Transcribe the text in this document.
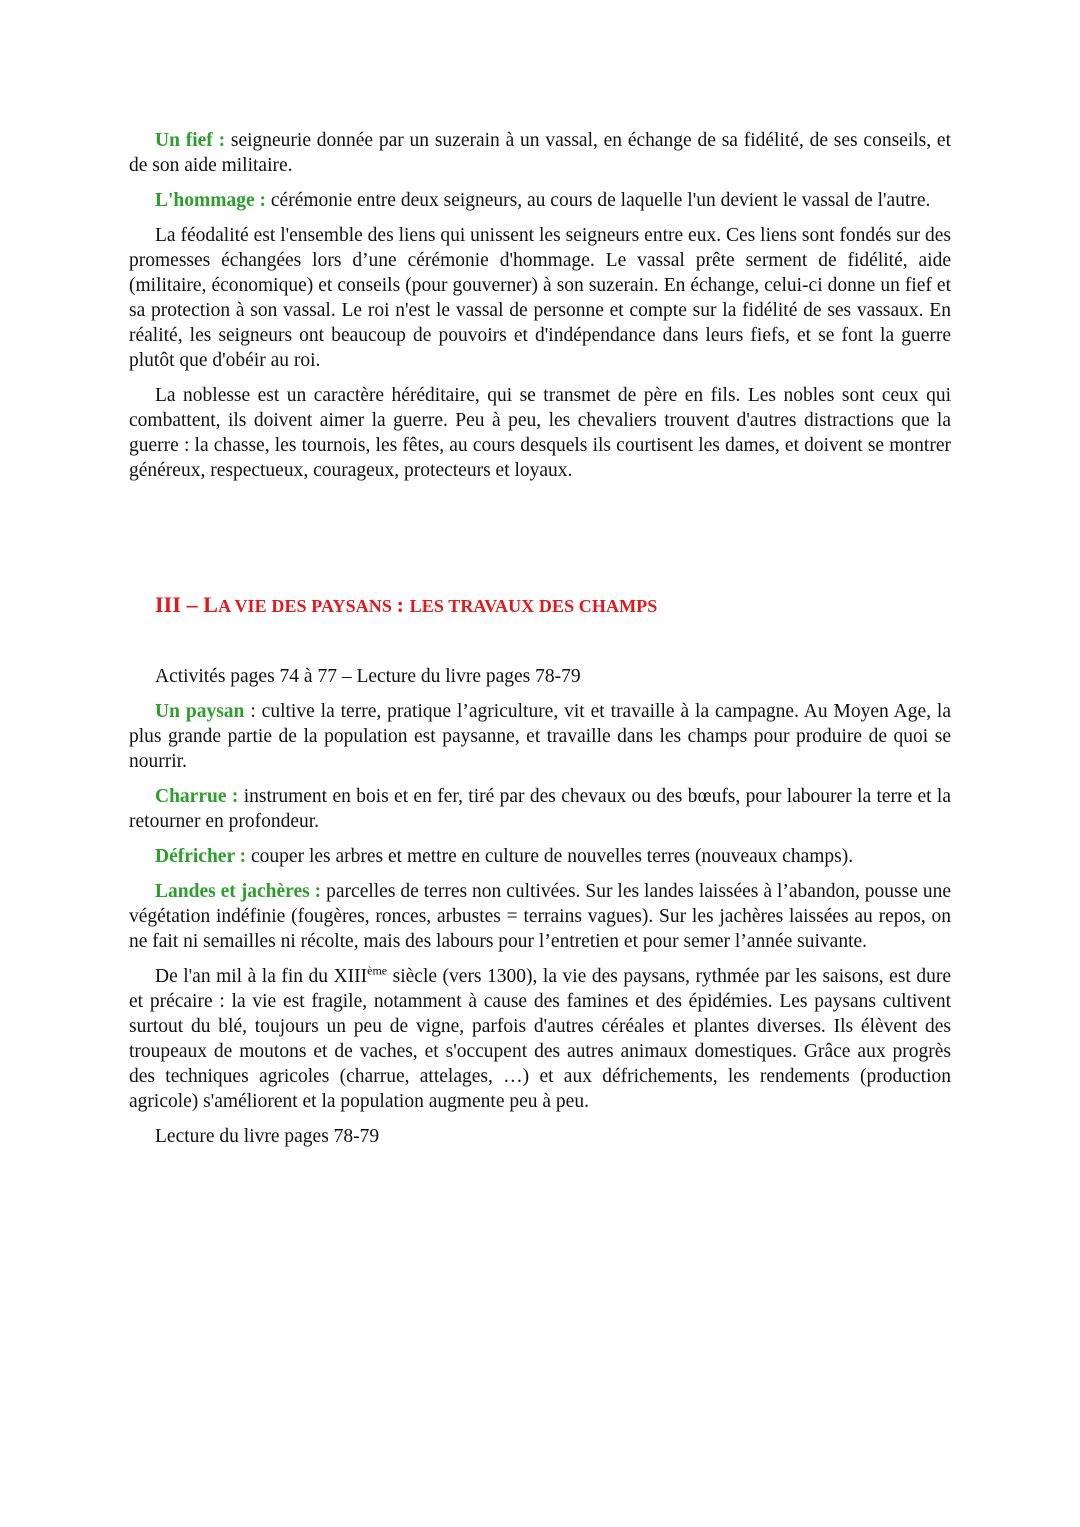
Un fief : seigneurie donnée par un suzerain à un vassal, en échange de sa fidélité, de ses conseils, et de son aide militaire.

L'hommage : cérémonie entre deux seigneurs, au cours de laquelle l'un devient le vassal de l'autre.

La féodalité est l'ensemble des liens qui unissent les seigneurs entre eux. Ces liens sont fondés sur des promesses échangées lors d’une cérémonie d'hommage. Le vassal prête serment de fidélité, aide (militaire, économique) et conseils (pour gouverner) à son suzerain. En échange, celui-ci donne un fief et sa protection à son vassal. Le roi n'est le vassal de personne et compte sur la fidélité de ses vassaux. En réalité, les seigneurs ont beaucoup de pouvoirs et d'indépendance dans leurs fiefs, et se font la guerre plutôt que d'obéir au roi.

La noblesse est un caractère héréditaire, qui se transmet de père en fils. Les nobles sont ceux qui combattent, ils doivent aimer la guerre. Peu à peu, les chevaliers trouvent d'autres distractions que la guerre : la chasse, les tournois, les fêtes, au cours desquels ils courtisent les dames, et doivent se montrer généreux, respectueux, courageux, protecteurs et loyaux.

III – LA VIE DES PAYSANS : LES TRAVAUX DES CHAMPS

Activités pages 74 à 77 – Lecture du livre pages 78-79

Un paysan : cultive la terre, pratique l’agriculture, vit et travaille à la campagne. Au Moyen Age, la plus grande partie de la population est paysanne, et travaille dans les champs pour produire de quoi se nourrir.

Charrue : instrument en bois et en fer, tiré par des chevaux ou des bœufs, pour labourer la terre et la retourner en profondeur.

Défricher : couper les arbres et mettre en culture de nouvelles terres (nouveaux champs).

Landes et jachères : parcelles de terres non cultivées. Sur les landes laissées à l’abandon, pousse une végétation indéfinie (fougères, ronces, arbustes = terrains vagues). Sur les jachères laissées au repos, on ne fait ni semailles ni récolte, mais des labours pour l’entretien et pour semer l’année suivante.

De l'an mil à la fin du XIIIème siècle (vers 1300), la vie des paysans, rythmée par les saisons, est dure et précaire : la vie est fragile, notamment à cause des famines et des épidémies. Les paysans cultivent surtout du blé, toujours un peu de vigne, parfois d'autres céréales et plantes diverses. Ils élèvent des troupeaux de moutons et de vaches, et s'occupent des autres animaux domestiques. Grâce aux progrès des techniques agricoles (charrue, attelages, …) et aux défrichements, les rendements (production agricole) s'améliorent et la population augmente peu à peu.

Lecture du livre pages 78-79
